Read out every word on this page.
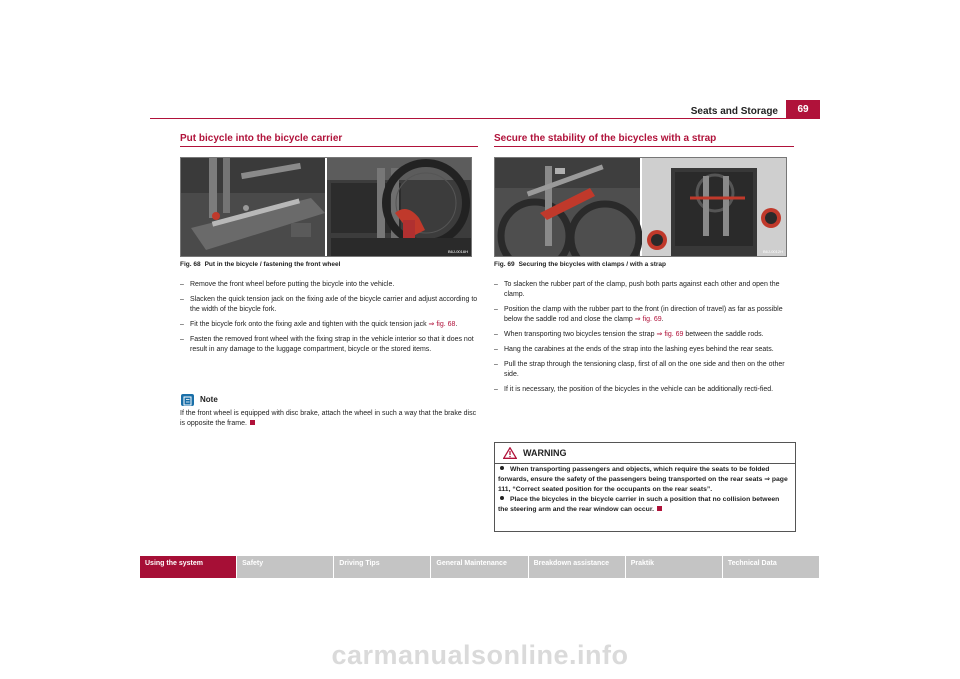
Seats and Storage	69
Put bicycle into the bicycle carrier
B6J-0016H
Fig. 68 Put in the bicycle / fastening the front wheel
– Remove the front wheel before putting the bicycle into the vehicle.
– Slacken the quick tension jack on the fixing axle of the bicycle carrier and adjust according to the width of the bicycle fork.
– Fit the bicycle fork onto the fixing axle and tighten with the quick tension jack ⇒ fig. 68.
– Fasten the removed front wheel with the fixing strap in the vehicle interior so that it does not result in any damage to the luggage compartment, bicycle or the stored items.
Note
If the front wheel is equipped with disc brake, attach the wheel in such a way that the brake disc is opposite the frame.
Secure the stability of the bicycles with a strap
B6J-0012H
Fig. 69 Securing the bicycles with clamps / with a strap
– To slacken the rubber part of the clamp, push both parts against each other and open the clamp.
– Position the clamp with the rubber part to the front (in direction of travel) as far as possible below the saddle rod and close the clamp ⇒ fig. 69.
– When transporting two bicycles tension the strap ⇒ fig. 69 between the saddle rods.
– Hang the carabines at the ends of the strap into the lashing eyes behind the rear seats.
– Pull the strap through the tensioning clasp, first of all on the one side and then on the other side.
– If it is necessary, the position of the bicycles in the vehicle can be additionally recti-fied.
WARNING
When transporting passengers and objects, which require the seats to be folded forwards, ensure the safety of the passengers being transported on the rear seats ⇒ page 111, “Correct seated position for the occupants on the rear seats”.
Place the bicycles in the bicycle carrier in such a position that no collision between the steering arm and the rear window can occur.
Using the system	Safety	Driving Tips	General Maintenance	Breakdown assistance	Praktik	Technical Data
carmanualsonline.info
